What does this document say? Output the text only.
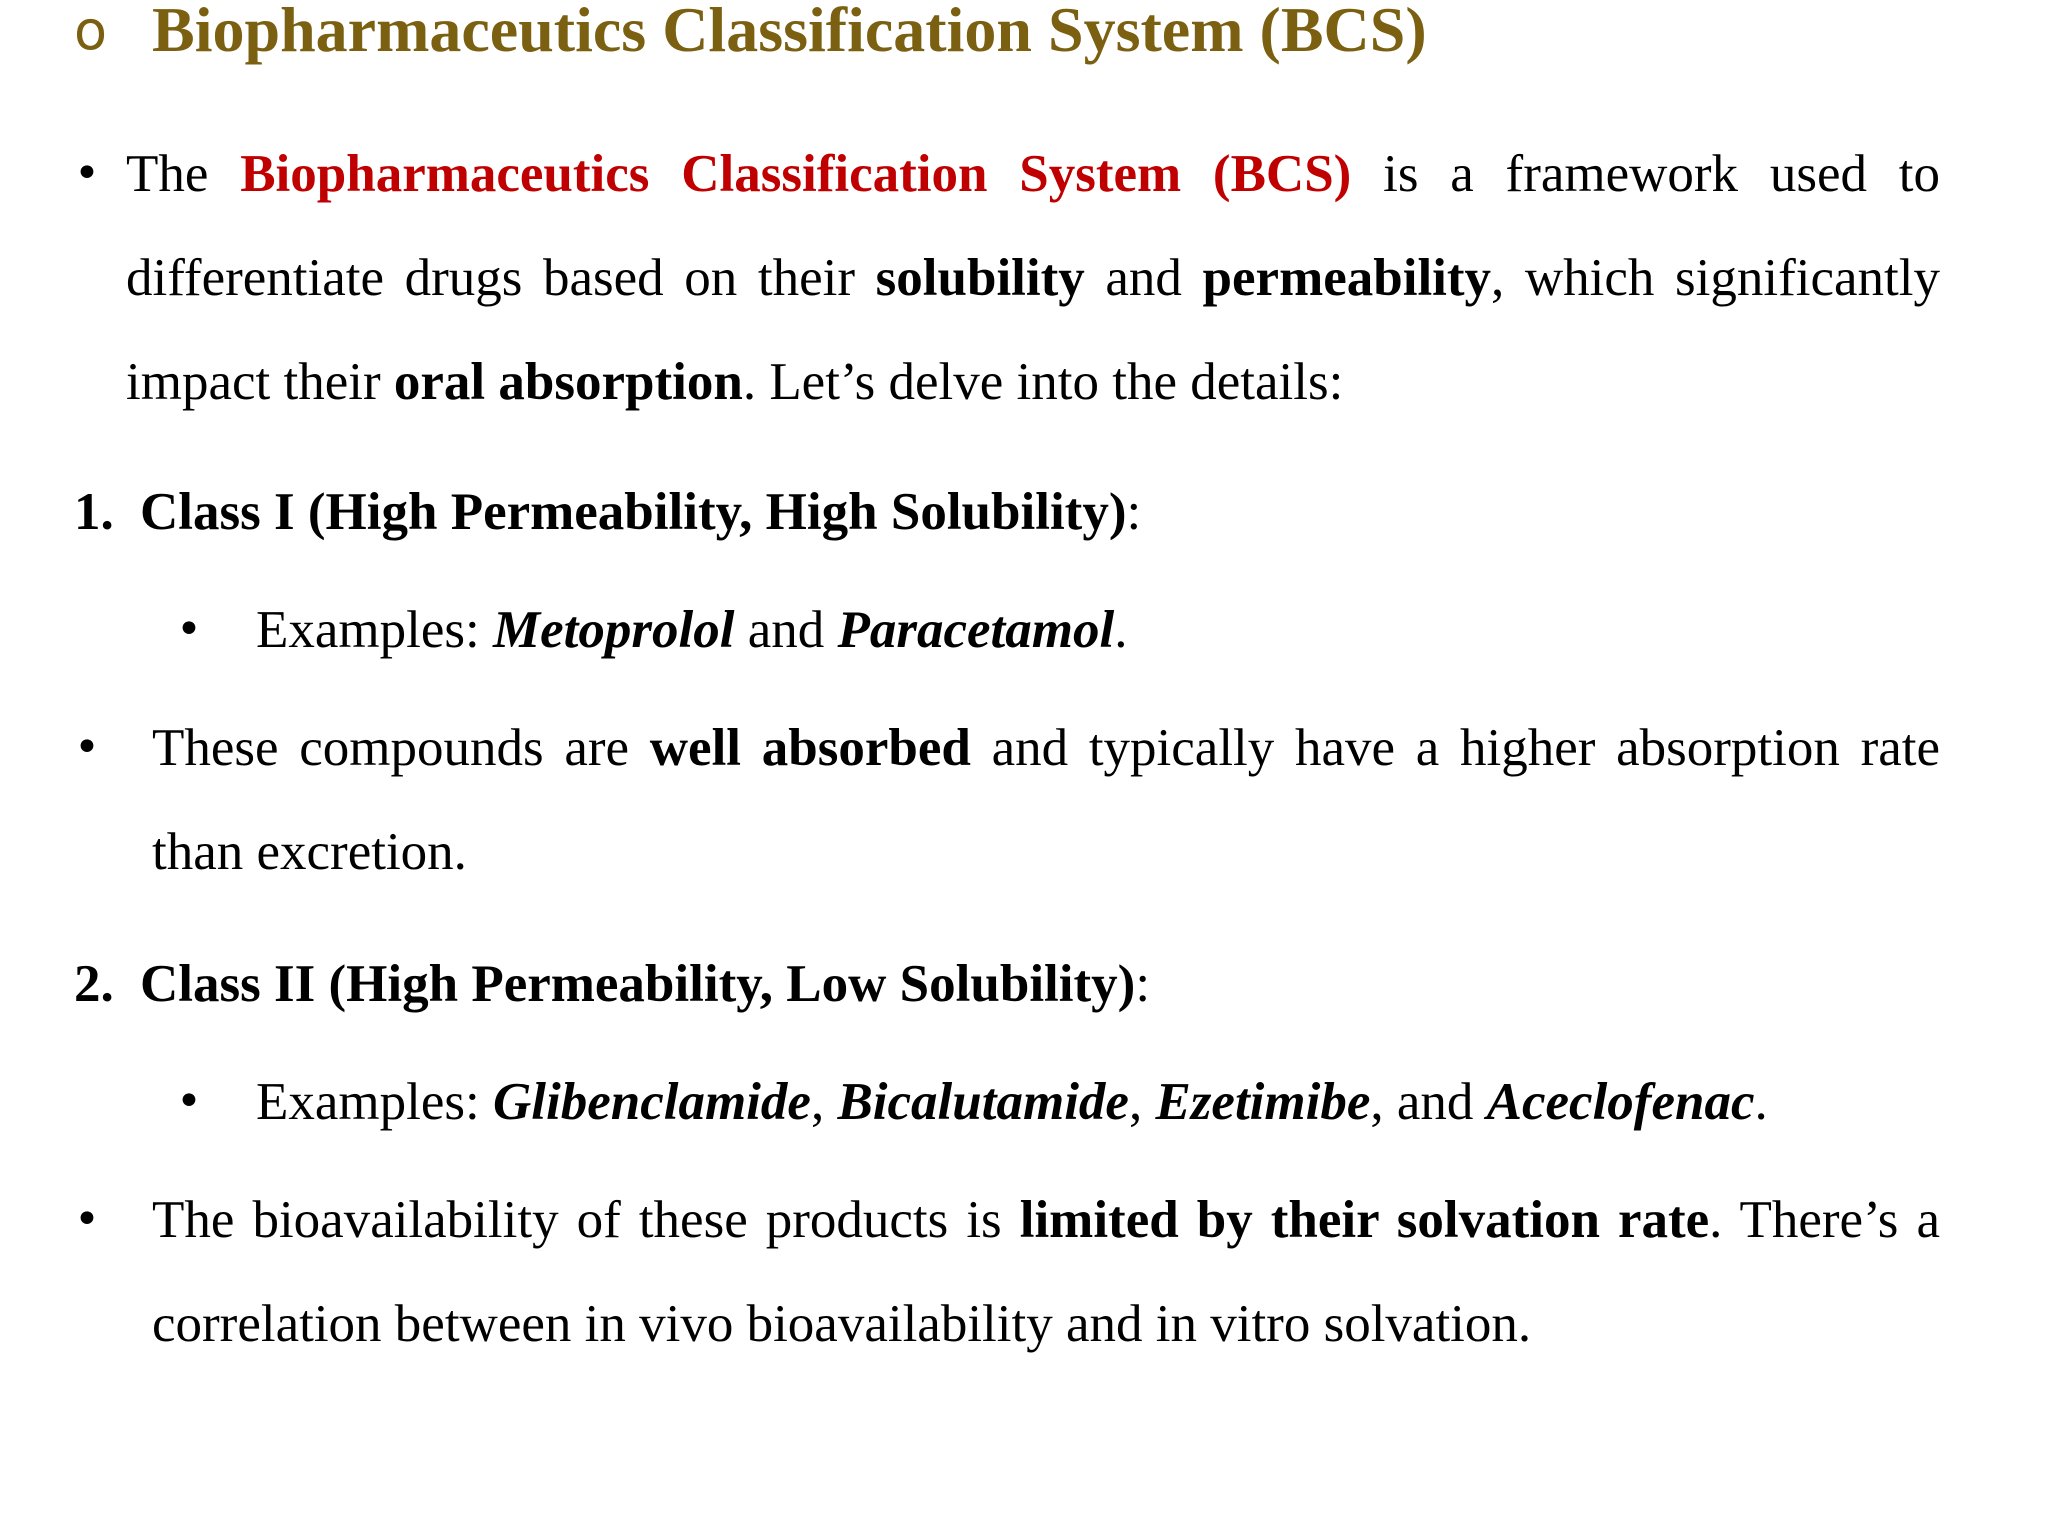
o Biopharmaceutics Classification System (BCS)
• The Biopharmaceutics Classification System (BCS) is a framework used to differentiate drugs based on their solubility and permeability, which significantly impact their oral absorption. Let’s delve into the details:
1. Class I (High Permeability, High Solubility):
• Examples: Metoprolol and Paracetamol.
• These compounds are well absorbed and typically have a higher absorption rate than excretion.
2. Class II (High Permeability, Low Solubility):
• Examples: Glibenclamide, Bicalutamide, Ezetimibe, and Aceclofenac.
• The bioavailability of these products is limited by their solvation rate. There’s a correlation between in vivo bioavailability and in vitro solvation.
